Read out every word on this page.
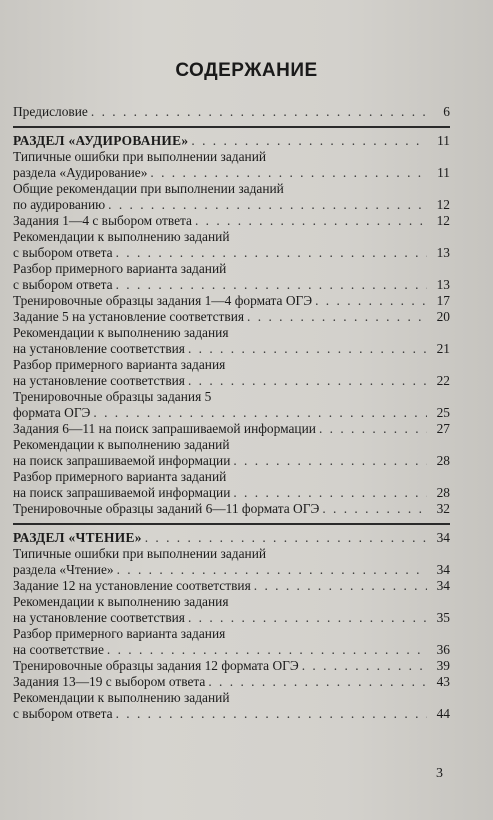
СОДЕРЖАНИЕ
Предисловие . . .	6
РАЗДЕЛ «АУДИРОВАНИЕ» . . .	11
Типичные ошибки при выполнении заданий
раздела «Аудирование» . . .	11
Общие рекомендации при выполнении заданий
по аудированию . . .	12
Задания 1—4 с выбором ответа . . .	12
Рекомендации к выполнению заданий
с выбором ответа . . .	13
Разбор примерного варианта заданий
с выбором ответа . . .	13
Тренировочные образцы задания 1—4 формата ОГЭ . . .	17
Задание 5 на установление соответствия . . .	20
Рекомендации к выполнению задания
на установление соответствия . . .	21
Разбор примерного варианта задания
на установление соответствия . . .	22
Тренировочные образцы задания 5
формата ОГЭ . . .	25
Задания 6—11 на поиск запрашиваемой информации . . .	27
Рекомендации к выполнению заданий
на поиск запрашиваемой информации . . .	28
Разбор примерного варианта заданий
на поиск запрашиваемой информации . . .	28
Тренировочные образцы заданий 6—11 формата ОГЭ . . .	32
РАЗДЕЛ «ЧТЕНИЕ» . . .	34
Типичные ошибки при выполнении заданий
раздела «Чтение» . . .	34
Задание 12 на установление соответствия . . .	34
Рекомендации к выполнению задания
на установление соответствия . . .	35
Разбор примерного варианта задания
на соответствие . . .	36
Тренировочные образцы задания 12 формата ОГЭ . . .	39
Задания 13—19 с выбором ответа . . .	43
Рекомендации к выполнению заданий
с выбором ответа . . .	44
3
